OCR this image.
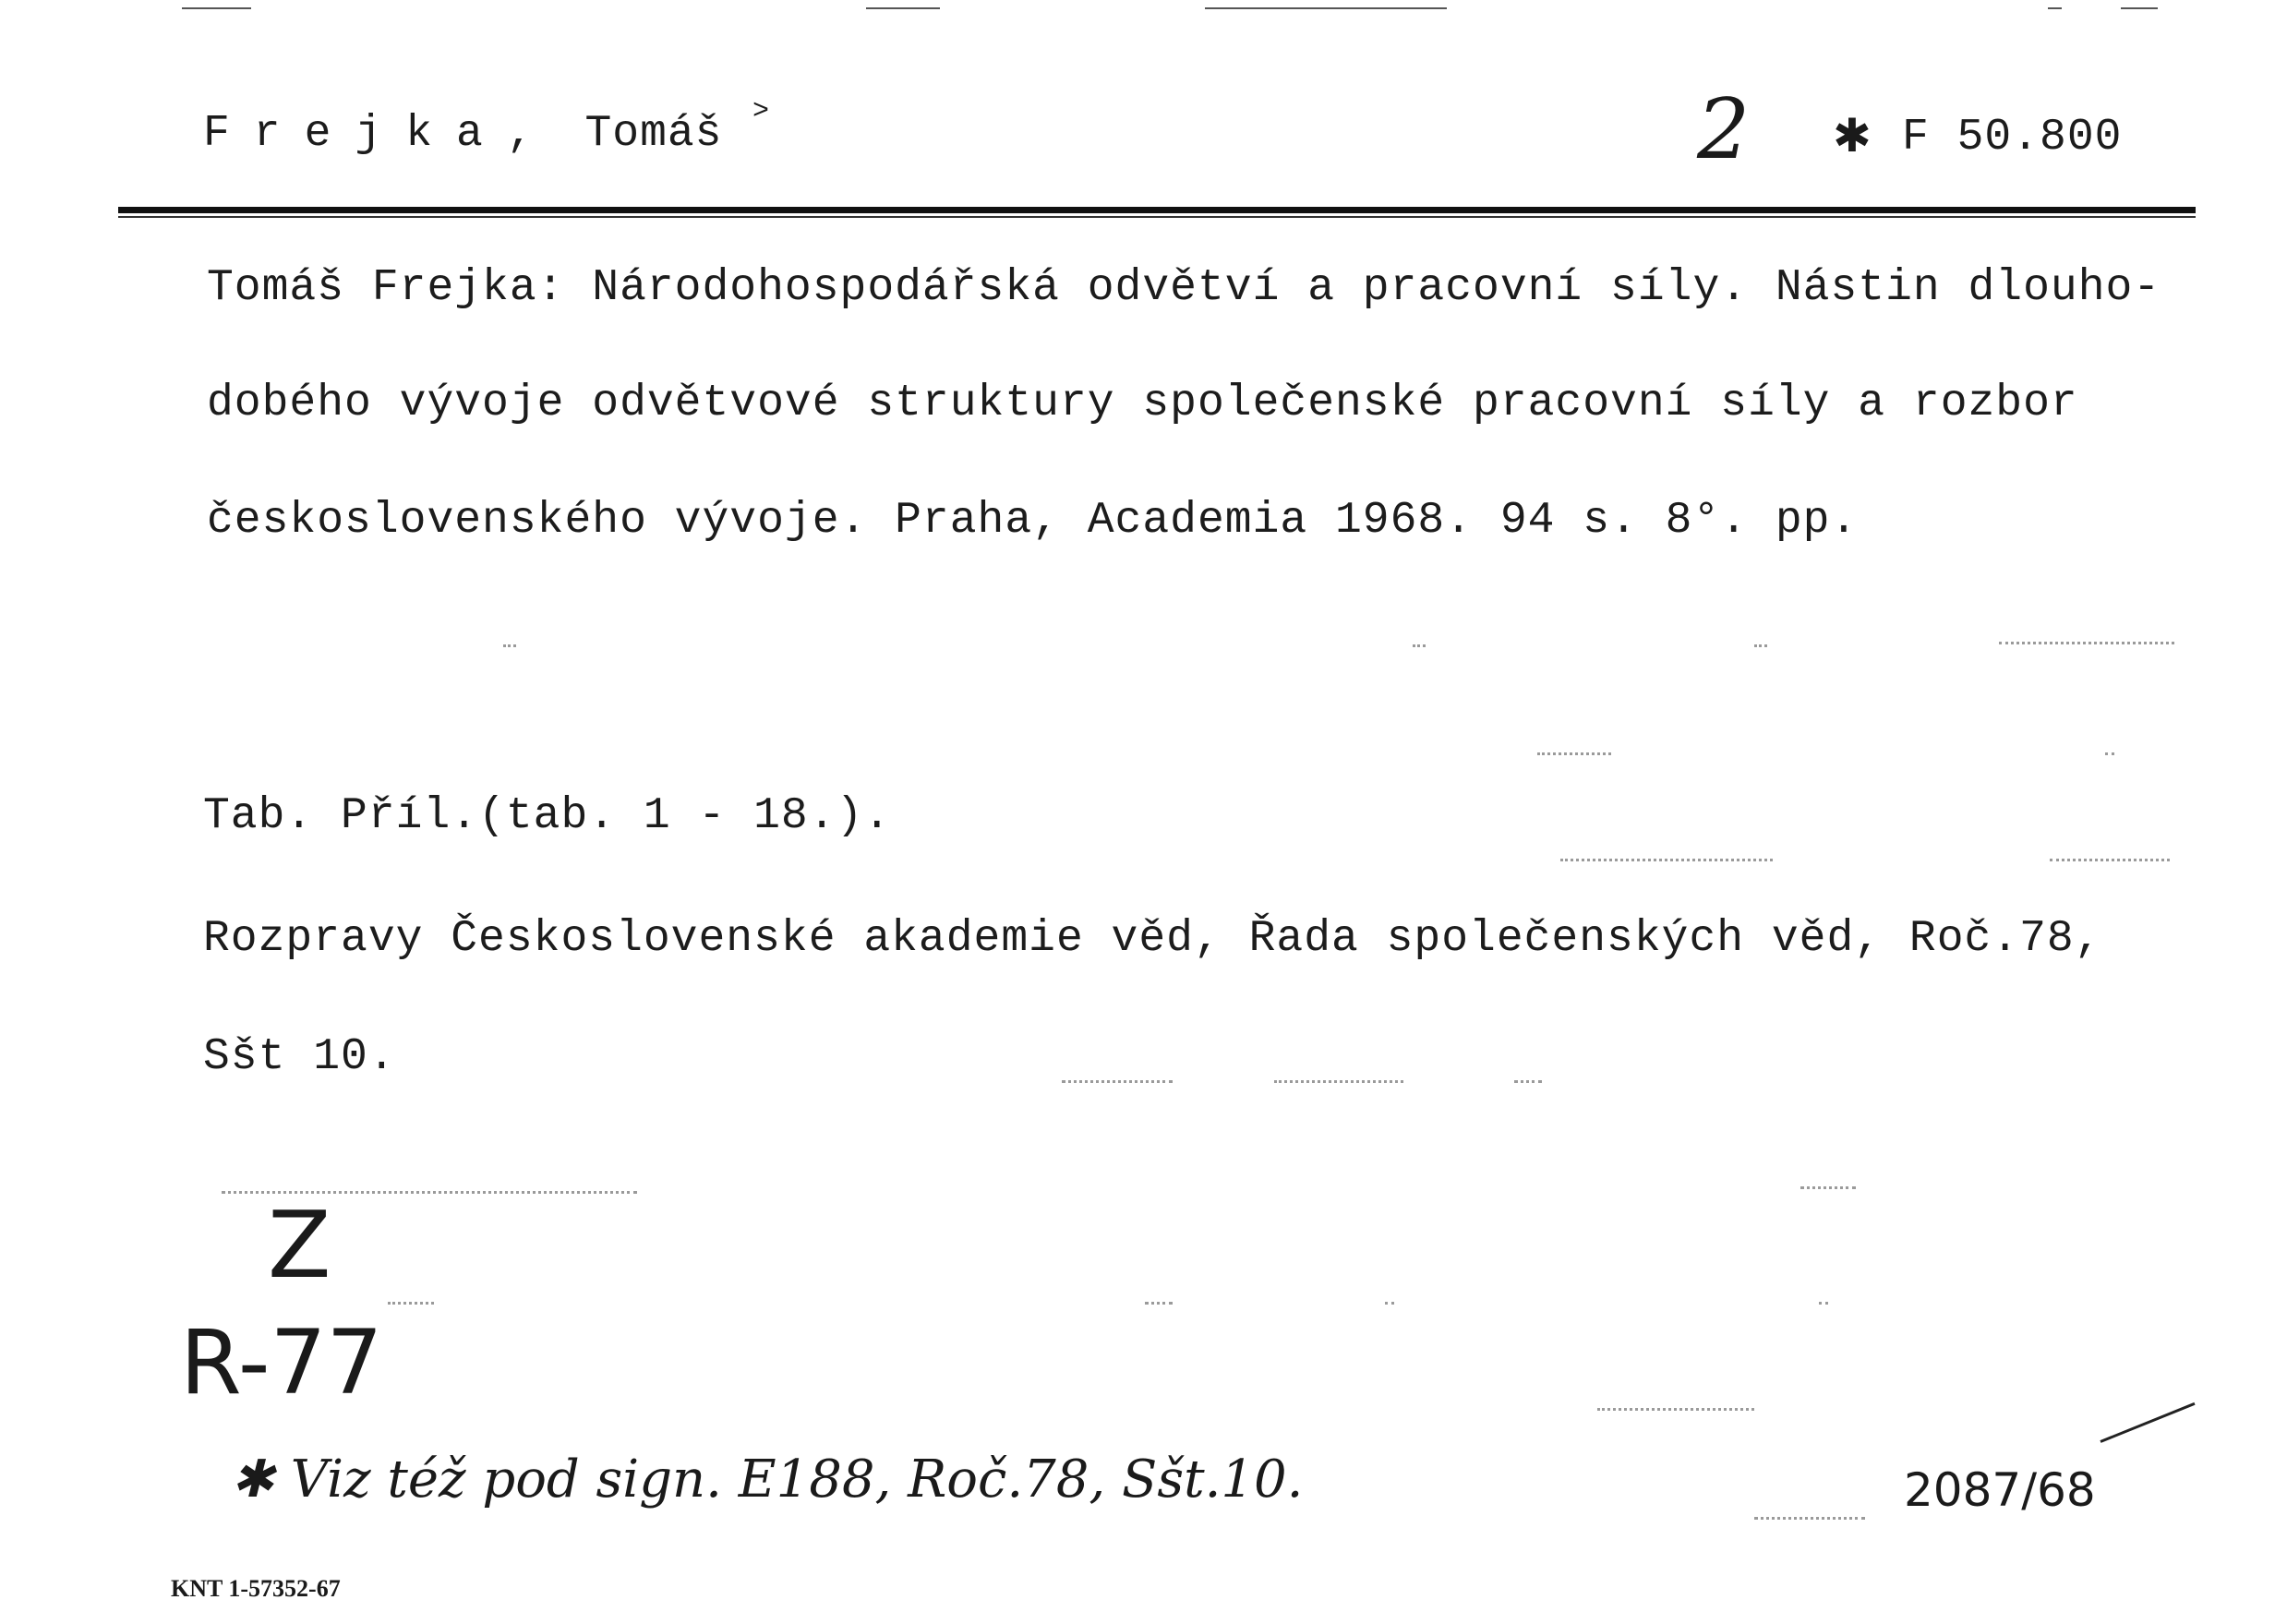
Frejka, Tomáš >	2 ✱ F 50.800
Tomáš Frejka: Národohospodářská odvětví a pracovní síly. Nástin dlouho-
dobého vývoje odvětvové struktury společenské pracovní síly a rozbor
československého vývoje. Praha, Academia 1968. 94 s. 8°. pp.
Tab. Příl.(tab. 1 - 18.).
Rozpravy Československé akademie věd, Řada společenských věd, Roč.78,
Sšt 10.
Z
R-77
✱ Viz též pod sign. E188, Roč.78, Sšt.10.	2087/68
KNT 1-57352-67
